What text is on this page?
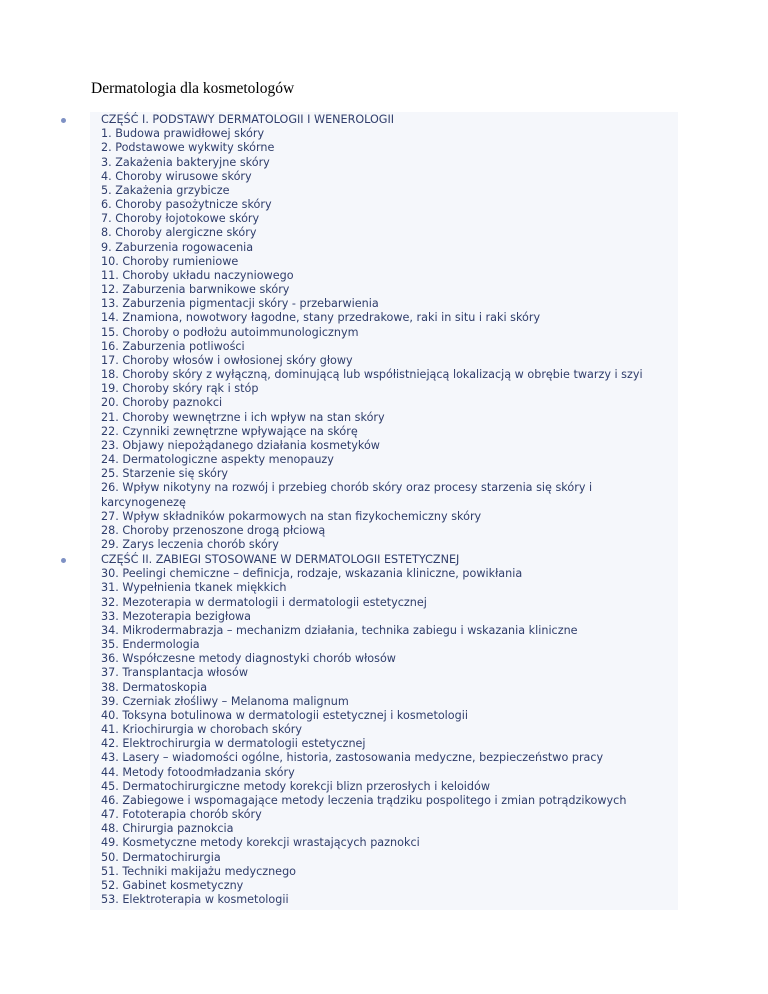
Dermatologia dla kosmetologów
CZĘŚĆ I. PODSTAWY DERMATOLOGII I WENEROLOGII
1. Budowa prawidłowej skóry
2. Podstawowe wykwity skórne
3. Zakażenia bakteryjne skóry
4. Choroby wirusowe skóry
5. Zakażenia grzybicze
6. Choroby pasożytnicze skóry
7. Choroby łojotokowe skóry
8. Choroby alergiczne skóry
9. Zaburzenia rogowacenia
10. Choroby rumieniowe
11. Choroby układu naczyniowego
12. Zaburzenia barwnikowe skóry
13. Zaburzenia pigmentacji skóry - przebarwienia
14. Znamiona, nowotwory łagodne, stany przedrakowe, raki in situ i raki skóry
15. Choroby o podłożu autoimmunologicznym
16. Zaburzenia potliwości
17. Choroby włosów i owłosionej skóry głowy
18. Choroby skóry z wyłączną, dominującą lub współistniejącą lokalizacją w obrębie twarzy i szyi
19. Choroby skóry rąk i stóp
20. Choroby paznokci
21. Choroby wewnętrzne i ich wpływ na stan skóry
22. Czynniki zewnętrzne wpływające na skórę
23. Objawy niepożądanego działania kosmetyków
24. Dermatologiczne aspekty menopauzy
25. Starzenie się skóry
26. Wpływ nikotyny na rozwój i przebieg chorób skóry oraz procesy starzenia się skóry i
karcynogenezę
27. Wpływ składników pokarmowych na stan fizykochemiczny skóry
28. Choroby przenoszone drogą płciową
29. Zarys leczenia chorób skóry
CZĘŚĆ II. ZABIEGI STOSOWANE W DERMATOLOGII ESTETYCZNEJ
30. Peelingi chemiczne – definicja, rodzaje, wskazania kliniczne, powikłania
31. Wypełnienia tkanek miękkich
32. Mezoterapia w dermatologii i dermatologii estetycznej
33. Mezoterapia bezigłowa
34. Mikrodermabrazja – mechanizm działania, technika zabiegu i wskazania kliniczne
35. Endermologia
36. Współczesne metody diagnostyki chorób włosów
37. Transplantacja włosów
38. Dermatoskopia
39. Czerniak złośliwy – Melanoma malignum
40. Toksyna botulinowa w dermatologii estetycznej i kosmetologii
41. Kriochirurgia w chorobach skóry
42. Elektrochirurgia w dermatologii estetycznej
43. Lasery – wiadomości ogólne, historia, zastosowania medyczne, bezpieczeństwo pracy
44. Metody fotoodmładzania skóry
45. Dermatochirurgiczne metody korekcji blizn przerosłych i keloidów
46. Zabiegowe i wspomagające metody leczenia trądziku pospolitego i zmian potrądzikowych
47. Fototerapia chorób skóry
48. Chirurgia paznokcia
49. Kosmetyczne metody korekcji wrastających paznokci
50. Dermatochirurgia
51. Techniki makijażu medycznego
52. Gabinet kosmetyczny
53. Elektroterapia w kosmetologii
